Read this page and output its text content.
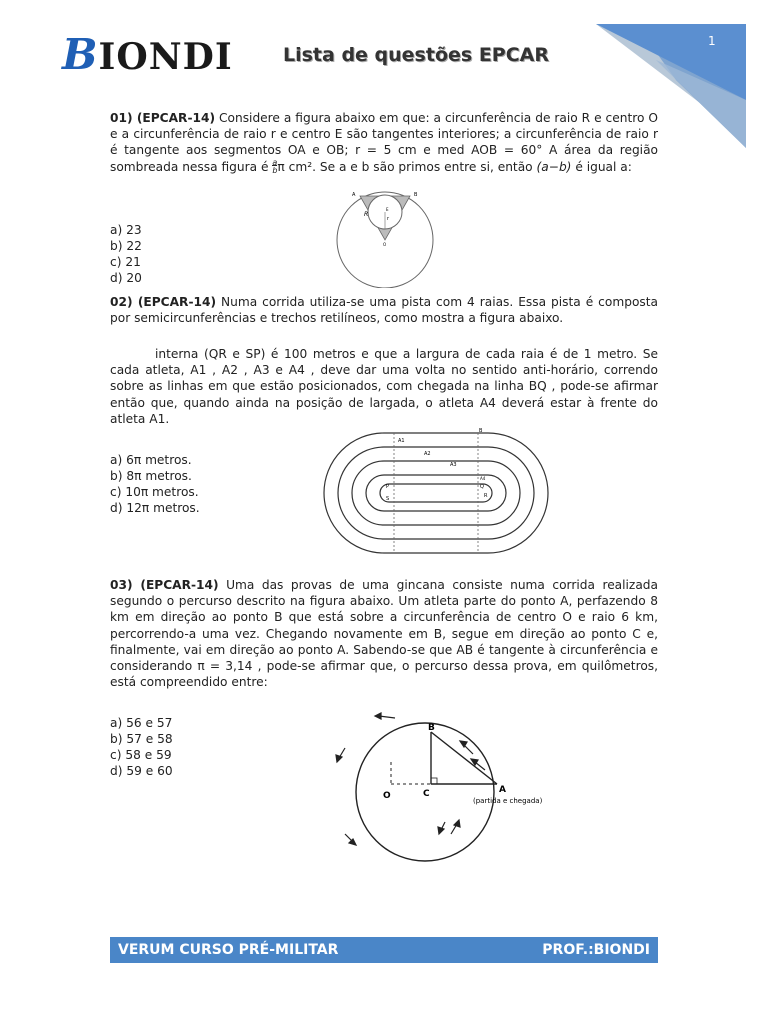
1
BIONDI	Lista de questões EPCAR
01) (EPCAR-14) Considere a figura abaixo em que: a circunferência de raio R e centro O e a circunferência de raio r e centro E são tangentes interiores; a circunferência de raio r é tangente aos segmentos OA e OB; r = 5 cm e med AOB = 60° A área da região sombreada nessa figura é $\frac{a}{b}\pi$ cm². Se a e b são primos entre si, então (a−b) é igual a:
a) 23
b) 22
c) 21
d) 20
A	B
R
r
E
O
02) (EPCAR-14) Numa corrida utiliza-se uma pista com 4 raias. Essa pista é composta por semicircunferências e trechos retilíneos, como mostra a figura abaixo.
interna (QR e SP) é 100 metros e que a largura de cada raia é de 1 metro. Se cada atleta, A1 , A2 , A3 e A4 , deve dar uma volta no sentido anti-horário, correndo sobre as linhas em que estão posicionados, com chegada na linha BQ , pode-se afirmar então que, quando ainda na posição de largada, o atleta A4 deverá estar à frente do atleta A1.
a) 6π metros.
b) 8π metros.
c) 10π metros.
d) 12π metros.
A1
A2
A3
B
Q
R
P
S
A4
03) (EPCAR-14) Uma das provas de uma gincana consiste numa corrida realizada segundo o percurso descrito na figura abaixo. Um atleta parte do ponto A, perfazendo 8 km em direção ao ponto B que está sobre a circunferência de centro O e raio 6 km, percorrendo-a uma vez. Chegando novamente em B, segue em direção ao ponto C e, finalmente, vai em direção ao ponto A. Sabendo-se que AB é tangente à circunferência e considerando π = 3,14 , pode-se afirmar que, o percurso dessa prova, em quilômetros, está compreendido entre:
a) 56 e 57
b) 57 e 58
c) 58 e 59
d) 59 e 60
B
O	C	A
(partida e chegada)
VERUM CURSO PRÉ-MILITAR	PROF.:BIONDI
